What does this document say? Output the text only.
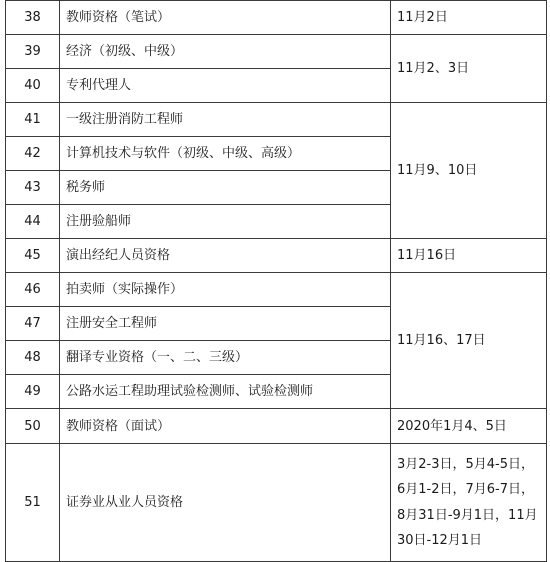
38	教师资格（笔试）	11月2日
39	经济（初级、中级）	11月2、3日
40	专利代理人	
41	一级注册消防工程师	11月9、10日
42	计算机技术与软件（初级、中级、高级）	
43	税务师	
44	注册验船师	
45	演出经纪人员资格	11月16日
46	拍卖师（实际操作）	11月16、17日
47	注册安全工程师	
48	翻译专业资格（一、二、三级）	
49	公路水运工程助理试验检测师、试验检测师	
50	教师资格（面试）	2020年1月4、5日
51	证券业从业人员资格	3月2-3日，5月4-5日，
6月1-2日，7月6-7日，
8月31日-9月1日，11月
30日-12月1日
